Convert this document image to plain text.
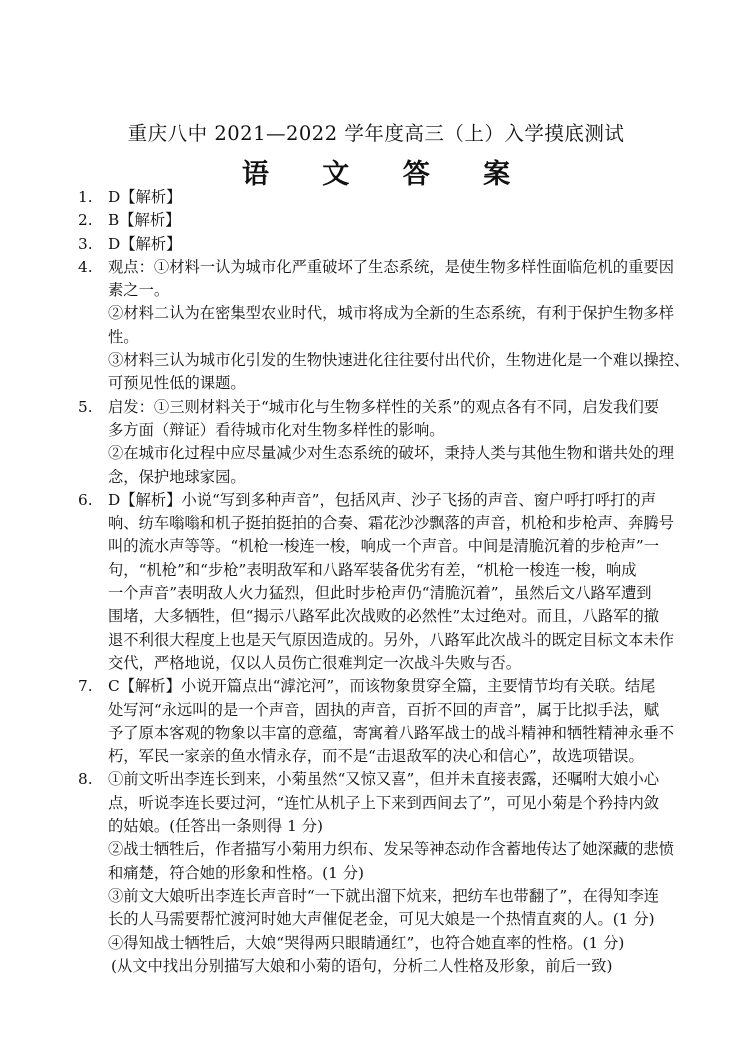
重庆八中 2021—2022 学年度高三（上）入学摸底测试
语 文 答 案
1. D【解析】
2. B【解析】
3. D【解析】
4. 观点：①材料一认为城市化严重破坏了生态系统，是使生物多样性面临危机的重要因
素之一。
②材料二认为在密集型农业时代，城市将成为全新的生态系统，有利于保护生物多样
性。
③材料三认为城市化引发的生物快速进化往往要付出代价，生物进化是一个难以操控、
可预见性低的课题。
5. 启发：①三则材料关于“城市化与生物多样性的关系”的观点各有不同，启发我们要
多方面（辩证）看待城市化对生物多样性的影响。
②在城市化过程中应尽量减少对生态系统的破坏，秉持人类与其他生物和谐共处的理
念，保护地球家园。
6. D【解析】小说“写到多种声音”，包括风声、沙子飞扬的声音、窗户呼打呼打的声
响、纺车嗡嗡和机子挺拍挺拍的合奏、霜花沙沙飘落的声音，机枪和步枪声、奔腾号
叫的流水声等等。“机枪一梭连一梭，响成一个声音。中间是清脆沉着的步枪声”一
句，“机枪”和“步枪”表明敌军和八路军装备优劣有差，“机枪一梭连一梭，响成
一个声音”表明敌人火力猛烈，但此时步枪声仍“清脆沉着”，虽然后文八路军遭到
围堵，大多牺牲，但“揭示八路军此次战败的必然性”太过绝对。而且，八路军的撤
退不利很大程度上也是天气原因造成的。另外，八路军此次战斗的既定目标文本未作
交代，严格地说，仅以人员伤亡很难判定一次战斗失败与否。
7. C【解析】小说开篇点出“滹沱河”，而该物象贯穿全篇，主要情节均有关联。结尾
处写河“永远叫的是一个声音，固执的声音，百折不回的声音”，属于比拟手法，赋
予了原本客观的物象以丰富的意蕴，寄寓着八路军战士的战斗精神和牺牲精神永垂不
朽，军民一家亲的鱼水情永存，而不是“击退敌军的决心和信心”，故选项错误。
8. ①前文听出李连长到来，小菊虽然“又惊又喜”，但并未直接表露，还嘱咐大娘小心
点，听说李连长要过河，“连忙从机子上下来到西间去了”，可见小菊是个矜持内敛
的姑娘。(任答出一条则得 1 分)
②战士牺牲后，作者描写小菊用力织布、发呆等神态动作含蓄地传达了她深藏的悲愤
和痛楚，符合她的形象和性格。(1 分)
③前文大娘听出李连长声音时“一下就出溜下炕来，把纺车也带翻了”，在得知李连
长的人马需要帮忙渡河时她大声催促老金，可见大娘是一个热情直爽的人。(1 分)
④得知战士牺牲后，大娘“哭得两只眼睛通红”，也符合她直率的性格。(1 分)
(从文中找出分别描写大娘和小菊的语句，分析二人性格及形象，前后一致)
